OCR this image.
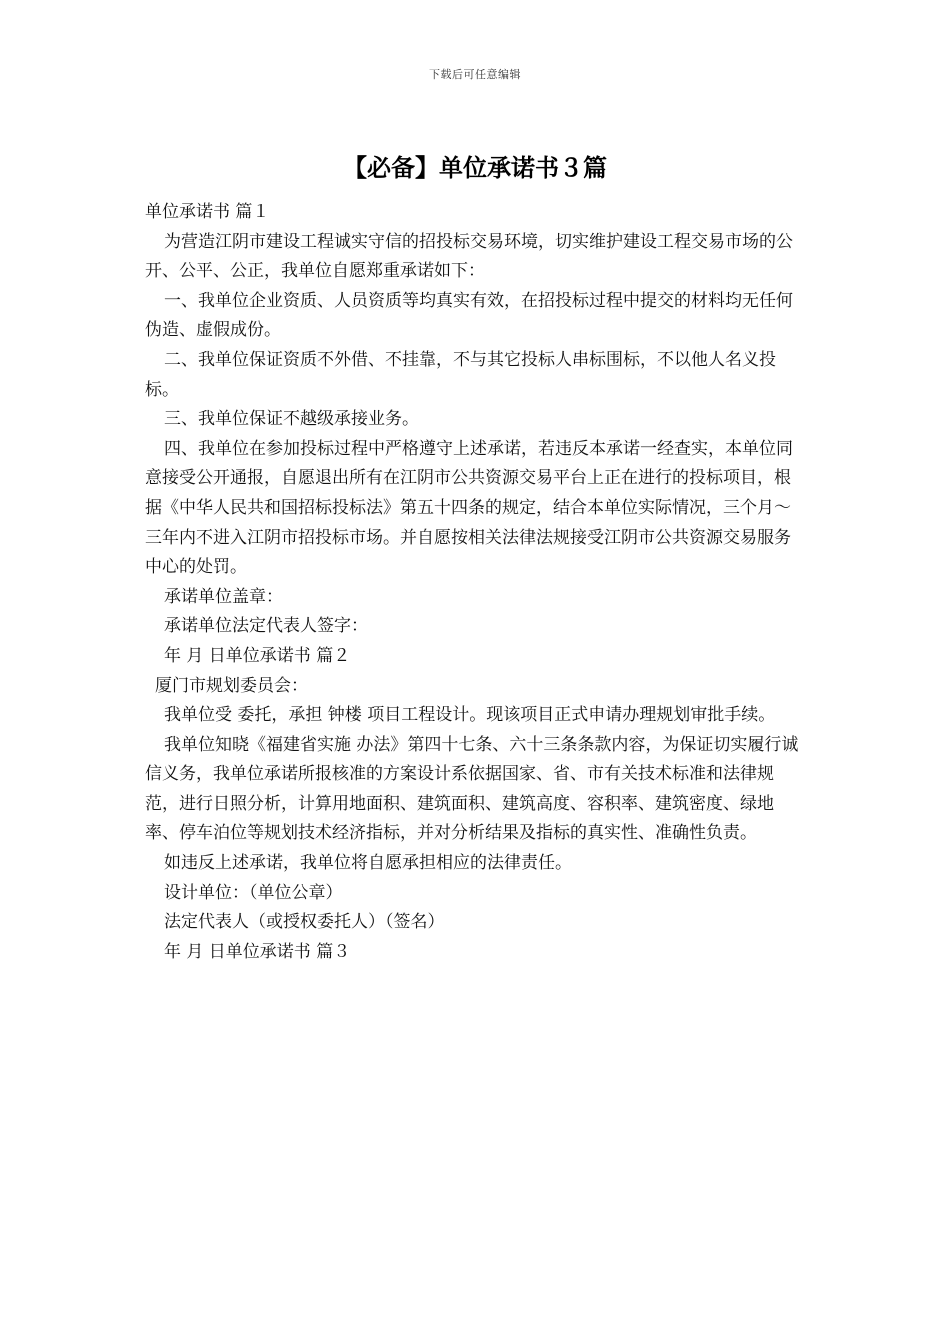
下载后可任意编辑
【必备】单位承诺书３篇

单位承诺书 篇１

为营造江阴市建设工程诚实守信的招投标交易环境，切实维护建设工程交易市场的公开、公平、公正，我单位自愿郑重承诺如下：

一、我单位企业资质、人员资质等均真实有效，在招投标过程中提交的材料均无任何伪造、虚假成份。

二、我单位保证资质不外借、不挂靠，不与其它投标人串标围标，不以他人名义投标。

三、我单位保证不越级承接业务。

四、我单位在参加投标过程中严格遵守上述承诺，若违反本承诺一经查实，本单位同意接受公开通报，自愿退出所有在江阴市公共资源交易平台上正在进行的投标项目，根据《中华人民共和国招标投标法》第五十四条的规定，结合本单位实际情况，三个月～三年内不进入江阴市招投标市场。并自愿按相关法律法规接受江阴市公共资源交易服务中心的处罚。

承诺单位盖章：

承诺单位法定代表人签字：

年 月 日单位承诺书 篇２

厦门市规划委员会：

我单位受 委托，承担 钟楼 项目工程设计。现该项目正式申请办理规划审批手续。

我单位知晓《福建省实施 办法》第四十七条、六十三条条款内容，为保证切实履行诚信义务，我单位承诺所报核准的方案设计系依据国家、省、市有关技术标准和法律规范，进行日照分析，计算用地面积、建筑面积、建筑高度、容积率、建筑密度、绿地率、停车泊位等规划技术经济指标，并对分析结果及指标的真实性、准确性负责。

如违反上述承诺，我单位将自愿承担相应的法律责任。

设计单位：（单位公章）

法定代表人（或授权委托人）（签名）

年 月 日单位承诺书 篇３
